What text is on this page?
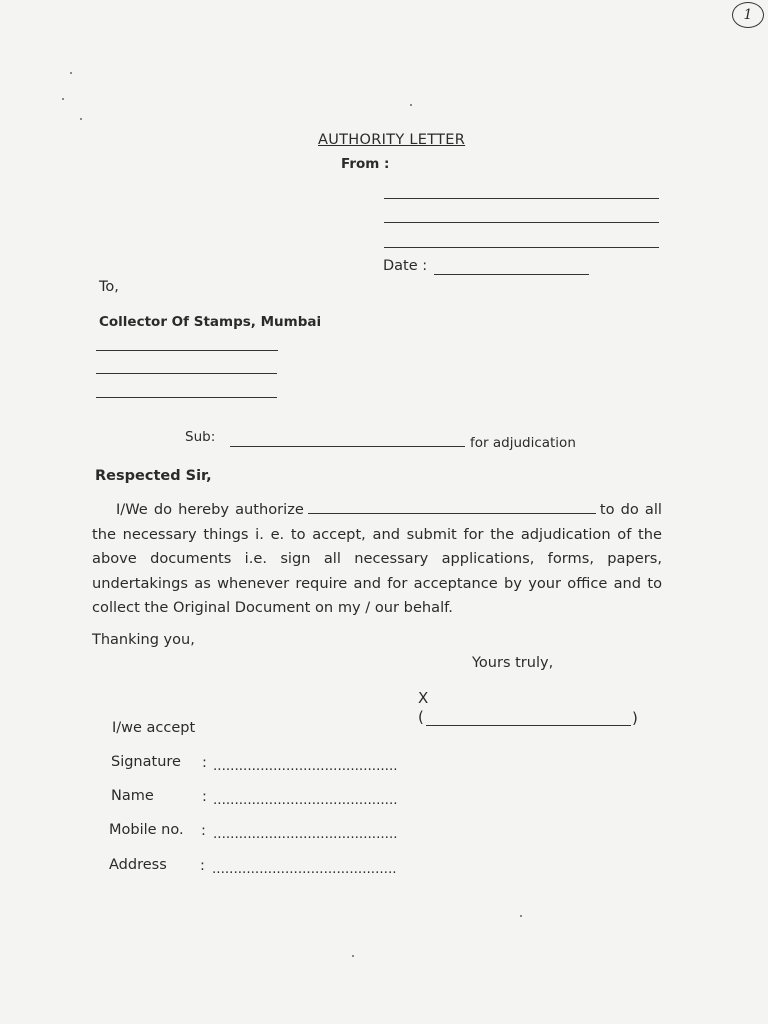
1
AUTHORITY LETTER
From :
Date :
To,
Collector Of Stamps, Mumbai
Sub:	for adjudication
Respected Sir,
I/We do hereby authorize	to do all the necessary things i. e. to accept, and submit for the adjudication of the above documents i.e. sign all necessary applications, forms, papers, undertakings as whenever require and for acceptance by your office and to collect the Original Document on my / our behalf.
Thanking you,
Yours truly,
X
(	)
I/we accept
Signature : ...........................................
Name	: ...........................................
Mobile no. : ...........................................
Address : ...........................................
